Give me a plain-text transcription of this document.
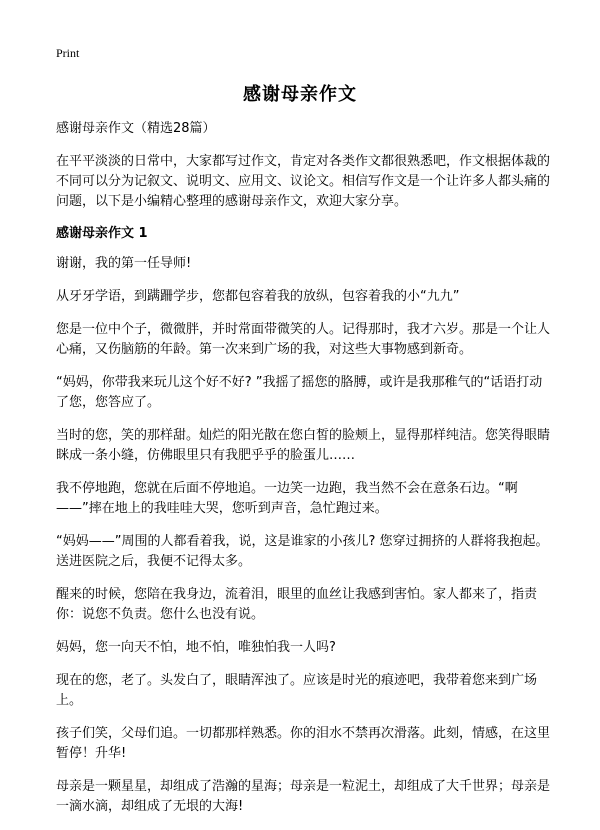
Print
感谢母亲作文

感谢母亲作文（精选28篇）

在平平淡淡的日常中，大家都写过作文，肯定对各类作文都很熟悉吧，作文根据体裁的不同可以分为记叙文、说明文、应用文、议论文。相信写作文是一个让许多人都头痛的问题，以下是小编精心整理的感谢母亲作文，欢迎大家分享。

感谢母亲作文 1

谢谢，我的第一任导师!

从牙牙学语，到蹒跚学步，您都包容着我的放纵，包容着我的小“九九”

您是一位中个子，微微胖，并时常面带微笑的人。记得那时，我才六岁。那是一个让人心痛，又伤脑筋的年龄。第一次来到广场的我，对这些大事物感到新奇。

“妈妈，你带我来玩儿这个好不好? ”我摇了摇您的胳膊，或许是我那稚气的“话语打动了您，您答应了。

当时的您，笑的那样甜。灿烂的阳光散在您白皙的脸颊上，显得那样纯洁。您笑得眼睛眯成一条小缝，仿佛眼里只有我肥乎乎的脸蛋儿……

我不停地跑，您就在后面不停地追。一边笑一边跑，我当然不会在意条石边。“啊——”摔在地上的我哇哇大哭，您听到声音，急忙跑过来。

“妈妈——”周围的人都看着我，说，这是谁家的小孩儿? 您穿过拥挤的人群将我抱起。送进医院之后，我便不记得太多。

醒来的时候，您陪在我身边，流着泪，眼里的血丝让我感到害怕。家人都来了，指责你：说您不负责。您什么也没有说。

妈妈，您一向天不怕，地不怕，唯独怕我一人吗?

现在的您，老了。头发白了，眼睛浑浊了。应该是时光的痕迹吧，我带着您来到广场上。

孩子们笑，父母们追。一切都那样熟悉。你的泪水不禁再次滑落。此刻，情感，在这里暂停！升华!

母亲是一颗星星，却组成了浩瀚的星海；母亲是一粒泥土，却组成了大千世界；母亲是一滴水滴，却组成了无垠的大海!
